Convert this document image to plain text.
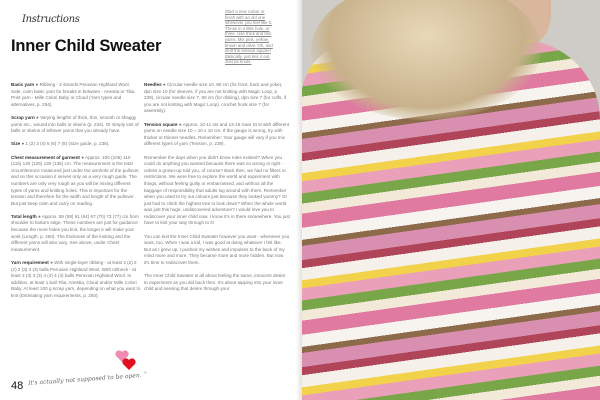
Instructions
Inner Child Sweater
Start a new colour or finish with an old one whenever you feel like it. Throw in a little hole, or three. Use thick and thin yarns. Mix pink, yellow, brown and olive. Oh, and stuff the tension square! Basically, just knit it out. Just be knots.

Basic yarn ● Ribbing - 2 strands Peruvian Highland Wool. Safe, calm basic yarn for breaks in between - Anestia or Tilia. Print yarn - Mille Colori Baby or Cloud (Yarn types and alternatives, p. 254).

Scrap yarn ● Varying lengths of thick, thin, smooth or shaggy yarns etc., wound into balls or skeins (p. 234). Or simply lots of balls or skeins of leftover yarns that you already have.

Size ● 1 (2) 3 (4) 5 (6) 7 (8) (Size guide, p. 238).

Chest measurement of garment ● Approx. 100 (105) 110 (115) 120 (125) 130 (135) cm. The measurement is the total circumference measured just under the armhole of the pullover, and on this occasion it serves only as a very rough guide. The numbers are only very rough as you will be mixing different types of yarns and knitting holes. This is important for the tension and therefore for the width and length of the pullover. But just keep calm and carry on reading.

Total length ● Approx. 55 (58) 61 (64) 67 (70) 73 (77) cm from shoulder to bottom edge. These numbers are just for guidance because the more holes you knit, the longer it will make your work (Length, p. 250). The thickness of the knitting and the different yarns will also vary. See above, under Chest measurement.

Yarn requirement ● With single-layer ribbing - at least 2 (2) 2 (2) 2 (3) 3 (3) balls Peruvian Highland Wool. With rollneck - at least 3 (3) 3 (3) 4 (4) 4 (4) balls Peruvian Highland Wool. In addition, at least 1 ball Tilia, Anestia, Cloud and/or Mille Colori Baby. At least 100 g scrap yarn, depending on what you want to knit (Estimating yarn requirements, p. 250).

Needles ● Circular needle size 10, 80 cm (for front, back and yoke), dpn size 10 (for sleeves, if you are not knitting with Magic Loop, p. 239), circular needle size 7, 60 cm (for ribbing), dpn size 7 (for cuffs, if you are not knitting with Magic Loop), crochet hook size 7 (for assembly).

Tension square ● Approx. 10-11 sts and 13-15 rows St st with different yarns on needle size 10 = 10 x 10 cm. If the gauge is wrong, try with thicker or thinner needles. Remember: Your gauge will vary if you mix different types of yarn (Tension, p. 239).

Remember the days when you didn't know rules existed? When you could do anything you wanted because there was no wrong or right - unless a grown-up told you, of course? Back then, we had no filters or restrictions. We were free to explore the world and experiment with things, without feeling guilty or embarrassed, and without all the baggage of responsibility that adults lug around with them. Remember when you used to try out colours just because they looked yummy? Or just had to climb the highest tree to look down? When the whole world was just this huge, undiscovered adventure? I would love you to rediscover your inner child now. I know it's in there somewhere. You just have to knit your way through to it!

You can knit the Inner Child Sweater however you want - whenever you want, too. When I was a kid, I was good at doing whatever I felt like. But as I grew up, I pushed my wishes and impulses to the back of my mind more and more. They became more and more hidden. But now it's time to rediscover them.

The Inner Child Sweater is all about feeling the same, innocent desire to experiment as you did back then. It's about tapping into your inner child and sensing that desire through your

»
48 It's actually not supposed to be open.
